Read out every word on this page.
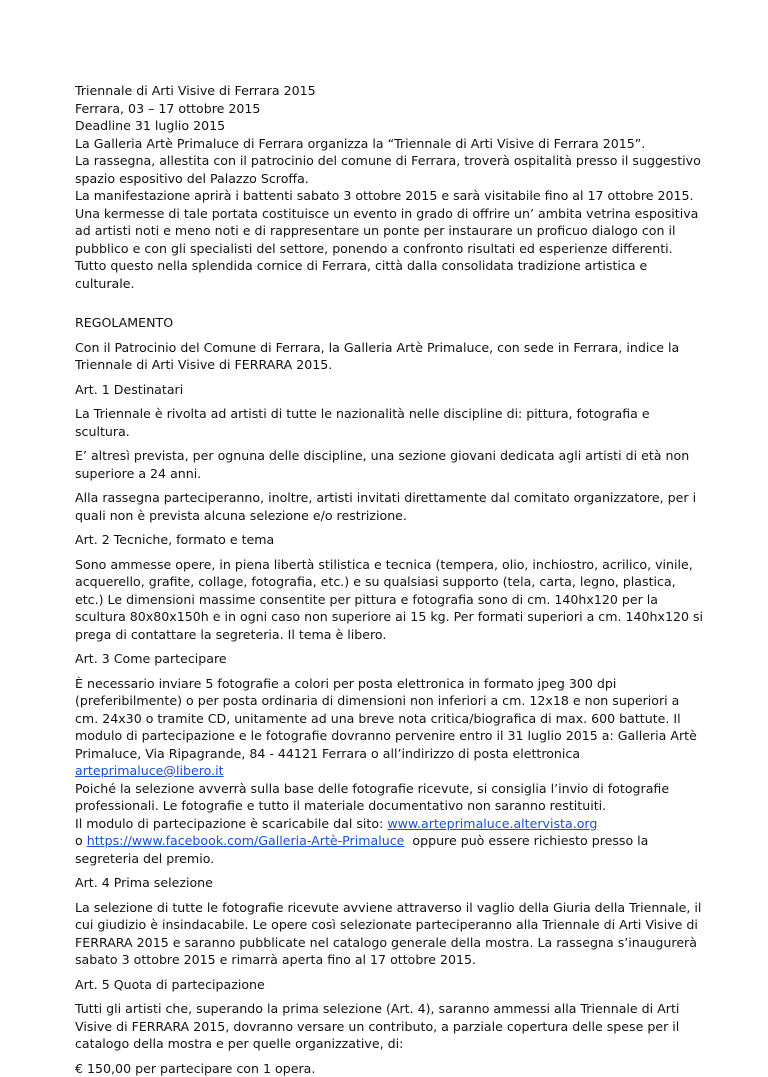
Triennale di Arti Visive di Ferrara 2015
Ferrara, 03 – 17 ottobre 2015
Deadline 31 luglio 2015
La Galleria Artè Primaluce di Ferrara organizza la “Triennale di Arti Visive di Ferrara 2015”.
La rassegna, allestita con il patrocinio del comune di Ferrara, troverà ospitalità presso il suggestivo spazio espositivo del Palazzo Scroffa.
La manifestazione aprirà i battenti sabato 3 ottobre 2015 e sarà visitabile fino al 17 ottobre 2015.
Una kermesse di tale portata costituisce un evento in grado di offrire un’ ambita vetrina espositiva ad artisti noti e meno noti e di rappresentare un ponte per instaurare un proficuo dialogo con il pubblico e con gli specialisti del settore, ponendo a confronto risultati ed esperienze differenti.
Tutto questo nella splendida cornice di Ferrara, città dalla consolidata tradizione artistica e culturale.

REGOLAMENTO

Con il Patrocinio del Comune di Ferrara, la Galleria Artè Primaluce, con sede in Ferrara, indice la Triennale di Arti Visive di FERRARA 2015.

Art. 1 Destinatari

La Triennale è rivolta ad artisti di tutte le nazionalità nelle discipline di: pittura, fotografia e scultura.

E’ altresì prevista, per ognuna delle discipline, una sezione giovani dedicata agli artisti di età non superiore a 24 anni.

Alla rassegna parteciperanno, inoltre, artisti invitati direttamente dal comitato organizzatore, per i quali non è prevista alcuna selezione e/o restrizione.

Art. 2 Tecniche, formato e tema

Sono ammesse opere, in piena libertà stilistica e tecnica (tempera, olio, inchiostro, acrilico, vinile, acquerello, grafite, collage, fotografia, etc.) e su qualsiasi supporto (tela, carta, legno, plastica, etc.) Le dimensioni massime consentite per pittura e fotografia sono di cm. 140hx120 per la scultura 80x80x150h e in ogni caso non superiore ai 15 kg. Per formati superiori a cm. 140hx120 si prega di contattare la segreteria. Il tema è libero.

Art. 3 Come partecipare

È necessario inviare 5 fotografie a colori per posta elettronica in formato jpeg 300 dpi (preferibilmente) o per posta ordinaria di dimensioni non inferiori a cm. 12x18 e non superiori a cm. 24x30 o tramite CD, unitamente ad una breve nota critica/biografica di max. 600 battute. Il modulo di partecipazione e le fotografie dovranno pervenire entro il 31 luglio 2015 a: Galleria Artè Primaluce, Via Ripagrande, 84 - 44121 Ferrara o all’indirizzo di posta elettronica arteprimaluce@libero.it
Poiché la selezione avverrà sulla base delle fotografie ricevute, si consiglia l’invio di fotografie professionali. Le fotografie e tutto il materiale documentativo non saranno restituiti.
Il modulo di partecipazione è scaricabile dal sito: www.arteprimaluce.altervista.org
o https://www.facebook.com/Galleria-Artè-Primaluce  oppure può essere richiesto presso la segreteria del premio.

Art. 4 Prima selezione

La selezione di tutte le fotografie ricevute avviene attraverso il vaglio della Giuria della Triennale, il cui giudizio è insindacabile. Le opere così selezionate parteciperanno alla Triennale di Arti Visive di FERRARA 2015 e saranno pubblicate nel catalogo generale della mostra. La rassegna s’inaugurerà sabato 3 ottobre 2015 e rimarrà aperta fino al 17 ottobre 2015.

Art. 5 Quota di partecipazione

Tutti gli artisti che, superando la prima selezione (Art. 4), saranno ammessi alla Triennale di Arti Visive di FERRARA 2015, dovranno versare un contributo, a parziale copertura delle spese per il catalogo della mostra e per quelle organizzative, di:

€ 150,00 per partecipare con 1 opera.
